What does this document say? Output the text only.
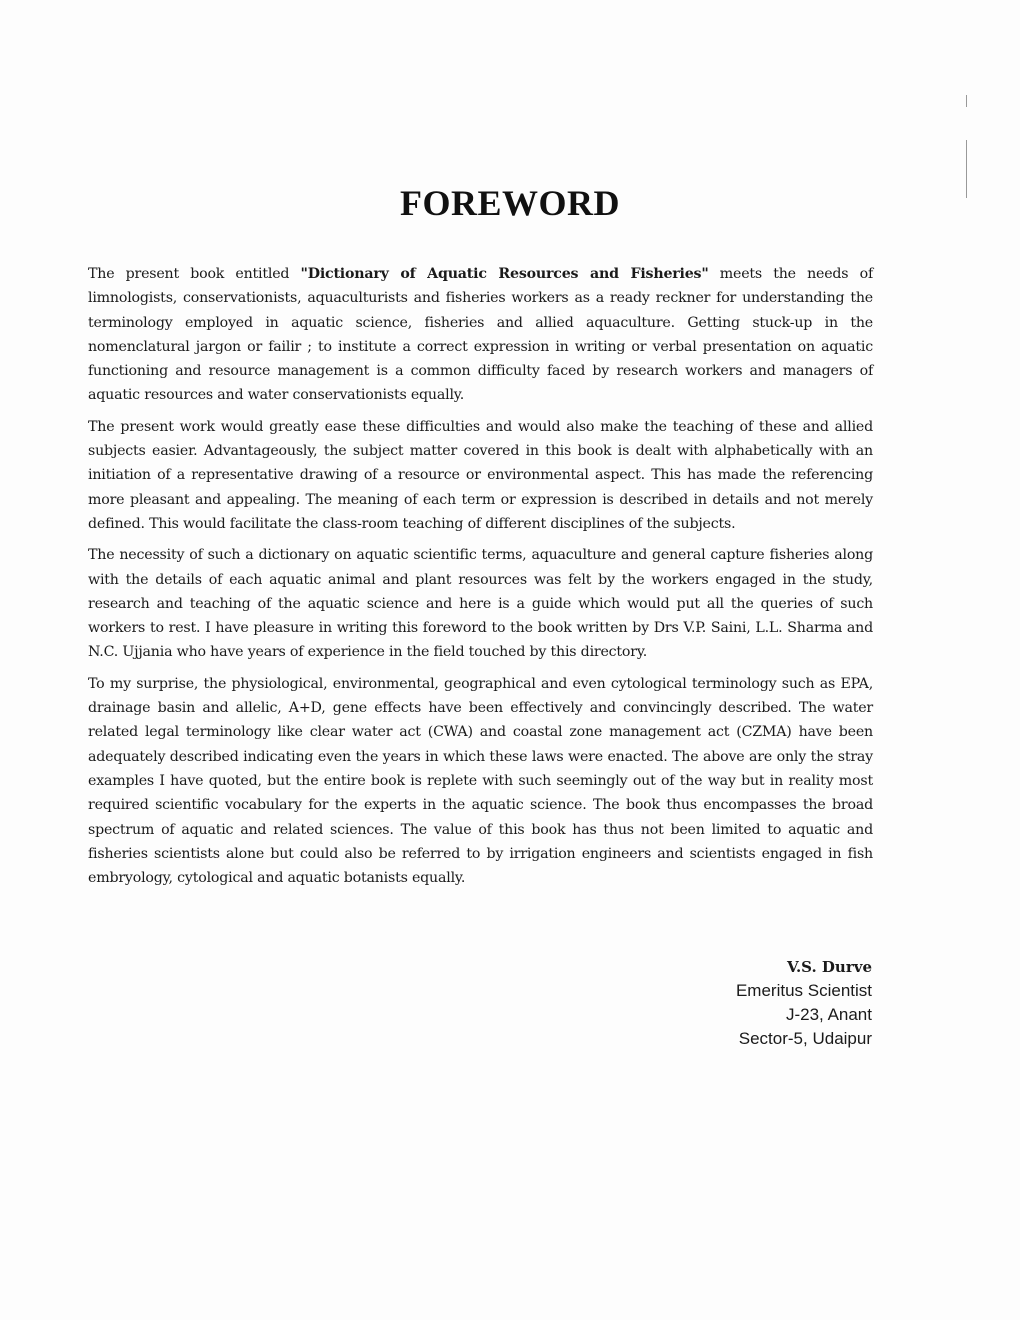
FOREWORD

The present book entitled "Dictionary of Aquatic Resources and Fisheries" meets the needs of limnologists, conservationists, aquaculturists and fisheries workers as a ready reckner for understanding the terminology employed in aquatic science, fisheries and allied aquaculture. Getting stuck-up in the nomenclatural jargon or failir ; to institute a correct expression in writing or verbal presentation on aquatic functioning and resource management is a common difficulty faced by research workers and managers of aquatic resources and water conservationists equally.

The present work would greatly ease these difficulties and would also make the teaching of these and allied subjects easier. Advantageously, the subject matter covered in this book is dealt with alphabetically with an initiation of a representative drawing of a resource or environmental aspect. This has made the referencing more pleasant and appealing. The meaning of each term or expression is described in details and not merely defined. This would facilitate the class-room teaching of different disciplines of the subjects.

The necessity of such a dictionary on aquatic scientific terms, aquaculture and general capture fisheries along with the details of each aquatic animal and plant resources was felt by the workers engaged in the study, research and teaching of the aquatic science and here is a guide which would put all the queries of such workers to rest. I have pleasure in writing this foreword to the book written by Drs V.P. Saini, L.L. Sharma and N.C. Ujjania who have years of experience in the field touched by this directory.

To my surprise, the physiological, environmental, geographical and even cytological terminology such as EPA, drainage basin and allelic, A+D, gene effects have been effectively and convincingly described. The water related legal terminology like clear water act (CWA) and coastal zone management act (CZMA) have been adequately described indicating even the years in which these laws were enacted. The above are only the stray examples I have quoted, but the entire book is replete with such seemingly out of the way but in reality most required scientific vocabulary for the experts in the aquatic science. The book thus encompasses the broad spectrum of aquatic and related sciences. The value of this book has thus not been limited to aquatic and fisheries scientists alone but could also be referred to by irrigation engineers and scientists engaged in fish embryology, cytological and aquatic botanists equally.

V.S. Durve
Emeritus Scientist
J-23, Anant
Sector-5, Udaipur
